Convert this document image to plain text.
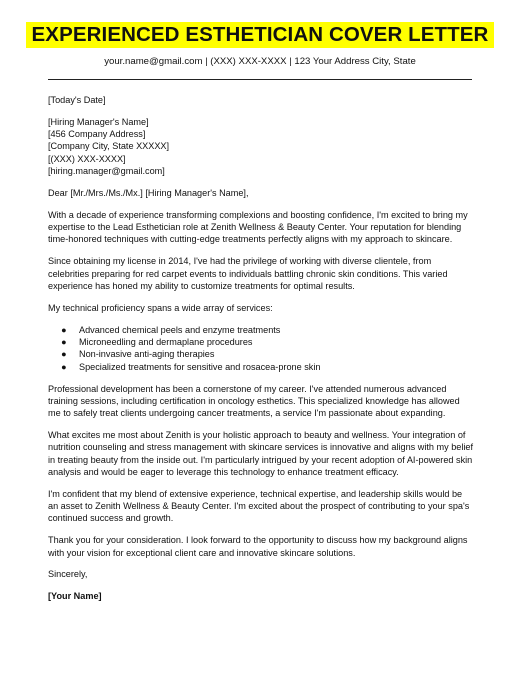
EXPERIENCED ESTHETICIAN COVER LETTER
your.name@gmail.com | (XXX) XXX-XXXX | 123 Your Address City, State

[Today's Date]

[Hiring Manager's Name]
[456 Company Address]
[Company City, State XXXXX]
[(XXX) XXX-XXXX]
[hiring.manager@gmail.com]

Dear [Mr./Mrs./Ms./Mx.] [Hiring Manager's Name],

With a decade of experience transforming complexions and boosting confidence, I'm excited to bring my expertise to the Lead Esthetician role at Zenith Wellness & Beauty Center. Your reputation for blending time-honored techniques with cutting-edge treatments perfectly aligns with my approach to skincare.

Since obtaining my license in 2014, I've had the privilege of working with diverse clientele, from celebrities preparing for red carpet events to individuals battling chronic skin conditions. This varied experience has honed my ability to customize treatments for optimal results.

My technical proficiency spans a wide array of services:

● Advanced chemical peels and enzyme treatments
● Microneedling and dermaplane procedures
● Non-invasive anti-aging therapies
● Specialized treatments for sensitive and rosacea-prone skin

Professional development has been a cornerstone of my career. I've attended numerous advanced training sessions, including certification in oncology esthetics. This specialized knowledge has allowed me to safely treat clients undergoing cancer treatments, a service I'm passionate about expanding.

What excites me most about Zenith is your holistic approach to beauty and wellness. Your integration of nutrition counseling and stress management with skincare services is innovative and aligns with my belief in treating beauty from the inside out. I'm particularly intrigued by your recent adoption of AI-powered skin analysis and would be eager to leverage this technology to enhance treatment efficacy.

I'm confident that my blend of extensive experience, technical expertise, and leadership skills would be an asset to Zenith Wellness & Beauty Center. I'm excited about the prospect of contributing to your spa's continued success and growth.

Thank you for your consideration. I look forward to the opportunity to discuss how my background aligns with your vision for exceptional client care and innovative skincare solutions.

Sincerely,

[Your Name]
